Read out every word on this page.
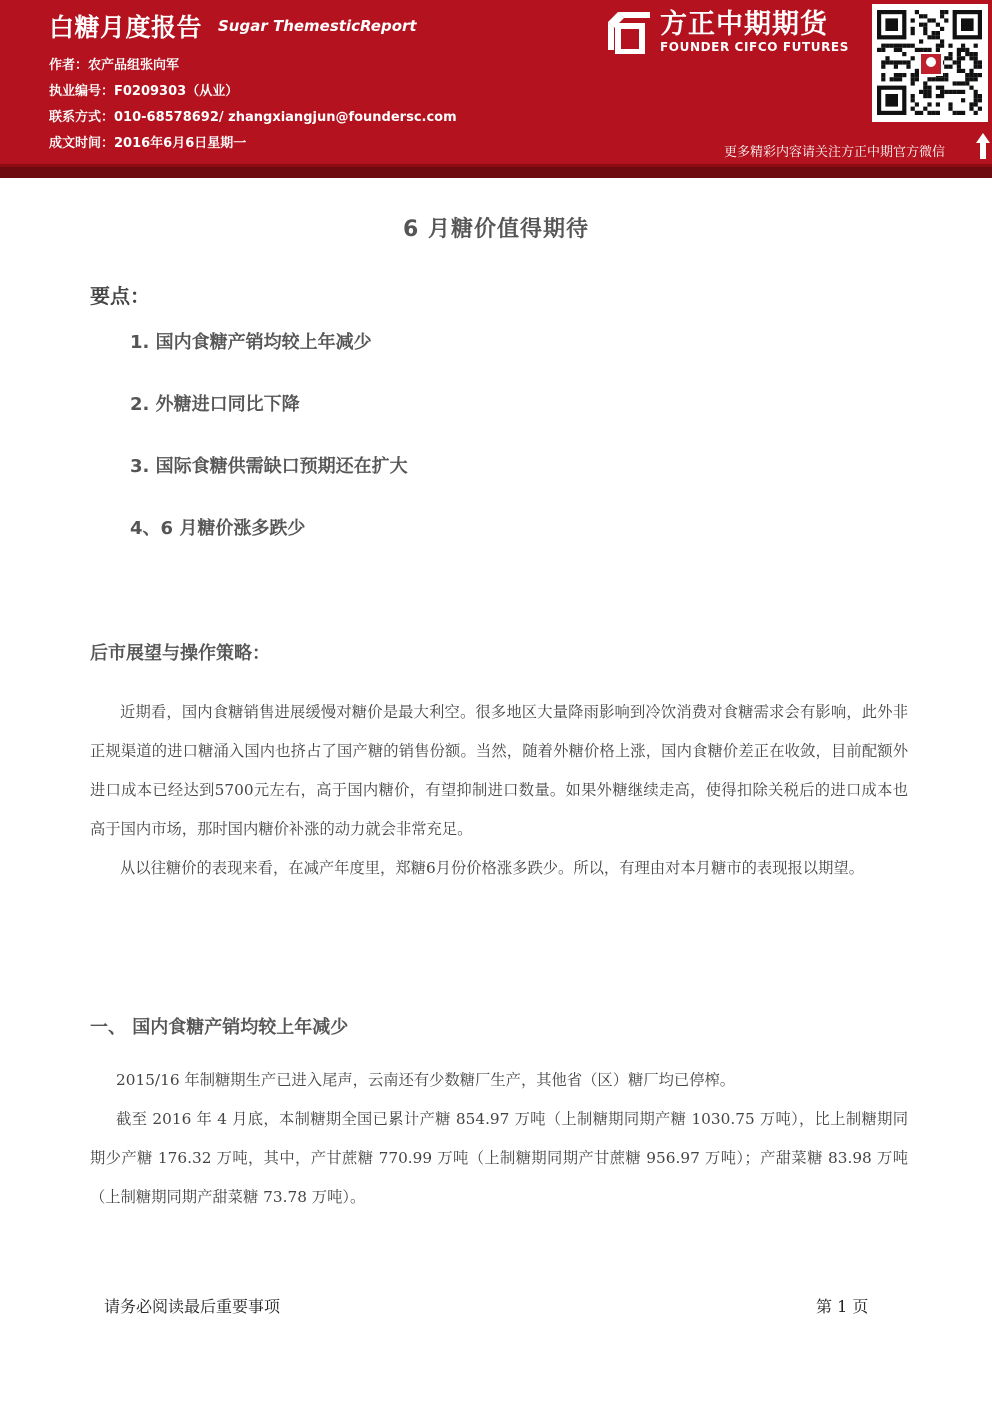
白糖月度报告 Sugar ThemesticReport
作者：农产品组张向军
执业编号：F0209303（从业）
联系方式：010-68578692/ zhangxiangjun@foundersc.com
成文时间：2016年6月6日星期一
方正中期期货
FOUNDER CIFCO FUTURES
更多精彩内容请关注方正中期官方微信
6 月糖价值得期待
要点：
1. 国内食糖产销均较上年减少
2. 外糖进口同比下降
3. 国际食糖供需缺口预期还在扩大
4、6 月糖价涨多跌少
后市展望与操作策略：

近期看，国内食糖销售进展缓慢对糖价是最大利空。很多地区大量降雨影响到冷饮消费对食糖需求会有影响，此外非正规渠道的进口糖涌入国内也挤占了国产糖的销售份额。当然，随着外糖价格上涨，国内食糖价差正在收敛，目前配额外进口成本已经达到5700元左右，高于国内糖价，有望抑制进口数量。如果外糖继续走高，使得扣除关税后的进口成本也高于国内市场，那时国内糖价补涨的动力就会非常充足。

从以往糖价的表现来看，在减产年度里，郑糖6月份价格涨多跌少。所以，有理由对本月糖市的表现报以期望。

一、 国内食糖产销均较上年减少

2015/16 年制糖期生产已进入尾声，云南还有少数糖厂生产，其他省（区）糖厂均已停榨。

截至 2016 年 4 月底，本制糖期全国已累计产糖 854.97 万吨（上制糖期同期产糖 1030.75 万吨），比上制糖期同期少产糖 176.32 万吨，其中，产甘蔗糖 770.99 万吨（上制糖期同期产甘蔗糖 956.97 万吨）；产甜菜糖 83.98 万吨（上制糖期同期产甜菜糖 73.78 万吨）。

请务必阅读最后重要事项	第 1 页
